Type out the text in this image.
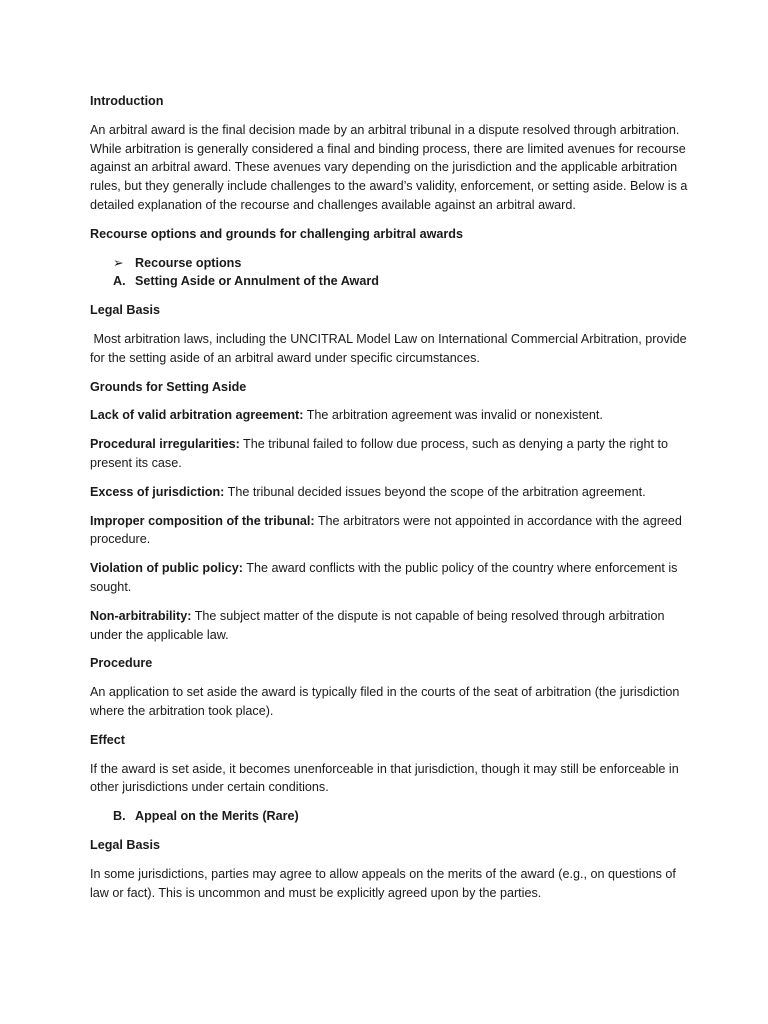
Introduction

An arbitral award is the final decision made by an arbitral tribunal in a dispute resolved through arbitration. While arbitration is generally considered a final and binding process, there are limited avenues for recourse against an arbitral award. These avenues vary depending on the jurisdiction and the applicable arbitration rules, but they generally include challenges to the award’s validity, enforcement, or setting aside. Below is a detailed explanation of the recourse and challenges available against an arbitral award.

Recourse options and grounds for challenging arbitral awards

➢ Recourse options
A. Setting Aside or Annulment of the Award

Legal Basis

Most arbitration laws, including the UNCITRAL Model Law on International Commercial Arbitration, provide for the setting aside of an arbitral award under specific circumstances.

Grounds for Setting Aside

Lack of valid arbitration agreement: The arbitration agreement was invalid or nonexistent.

Procedural irregularities: The tribunal failed to follow due process, such as denying a party the right to present its case.

Excess of jurisdiction: The tribunal decided issues beyond the scope of the arbitration agreement.

Improper composition of the tribunal: The arbitrators were not appointed in accordance with the agreed procedure.

Violation of public policy: The award conflicts with the public policy of the country where enforcement is sought.

Non-arbitrability: The subject matter of the dispute is not capable of being resolved through arbitration under the applicable law.

Procedure

An application to set aside the award is typically filed in the courts of the seat of arbitration (the jurisdiction where the arbitration took place).

Effect

If the award is set aside, it becomes unenforceable in that jurisdiction, though it may still be enforceable in other jurisdictions under certain conditions.

B. Appeal on the Merits (Rare)

Legal Basis

In some jurisdictions, parties may agree to allow appeals on the merits of the award (e.g., on questions of law or fact). This is uncommon and must be explicitly agreed upon by the parties.
